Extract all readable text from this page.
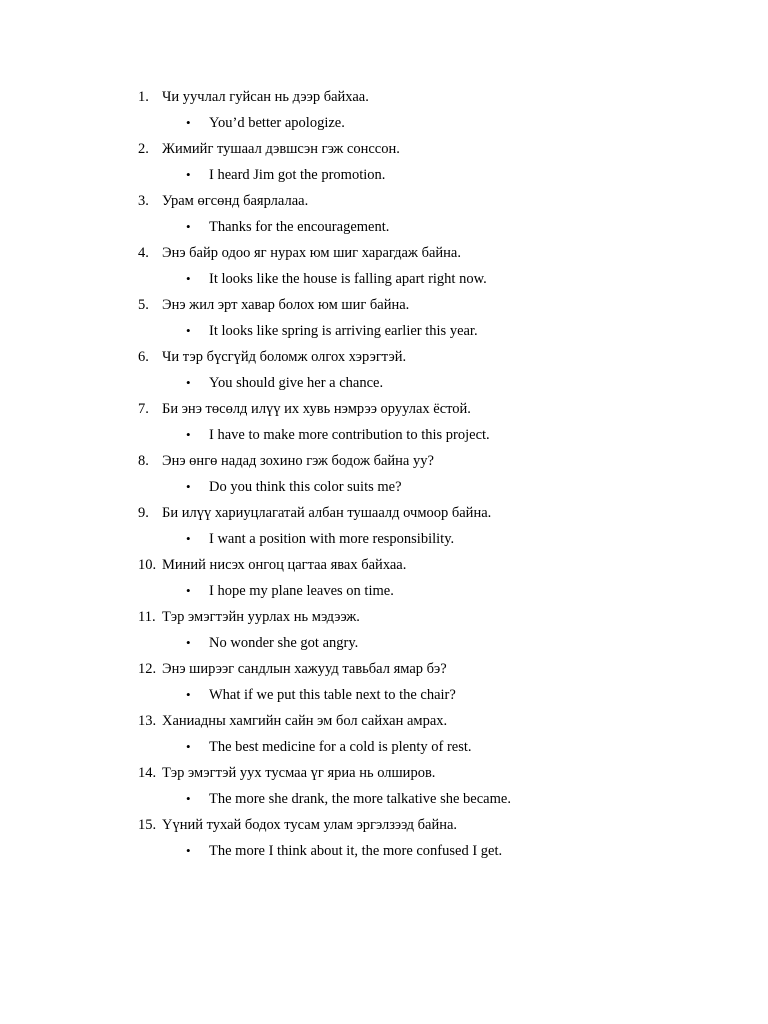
1. Чи уучлал гуйсан нь дээр байхаа.
• You’d better apologize.
2. Жимийг тушаал дэвшсэн гэж сонссон.
• I heard Jim got the promotion.
3. Урам өгсөнд баярлалаа.
• Thanks for the encouragement.
4. Энэ байр одоо яг нурах юм шиг харагдаж байна.
• It looks like the house is falling apart right now.
5. Энэ жил эрт хавар болох юм шиг байна.
• It looks like spring is arriving earlier this year.
6. Чи тэр бүсгүйд боломж олгох хэрэгтэй.
• You should give her a chance.
7. Би энэ төсөлд илүү их хувь нэмрээ оруулах ёстой.
• I have to make more contribution to this project.
8. Энэ өнгө надад зохино гэж бодож байна уу?
• Do you think this color suits me?
9. Би илүү хариуцлагатай албан тушаалд очмоор байна.
• I want a position with more responsibility.
10. Миний нисэх онгоц цагтаа явах байхаа.
• I hope my plane leaves on time.
11. Тэр эмэгтэйн уурлах нь мэдээж.
• No wonder she got angry.
12. Энэ ширээг сандлын хажууд тавьбал ямар бэ?
• What if we put this table next to the chair?
13. Ханиадны хамгийн сайн эм бол сайхан амрах.
• The best medicine for a cold is plenty of rest.
14. Тэр эмэгтэй уух тусмаа үг яриа нь олширов.
• The more she drank, the more talkative she became.
15. Үүний тухай бодох тусам улам эргэлзээд байна.
• The more I think about it, the more confused I get.
